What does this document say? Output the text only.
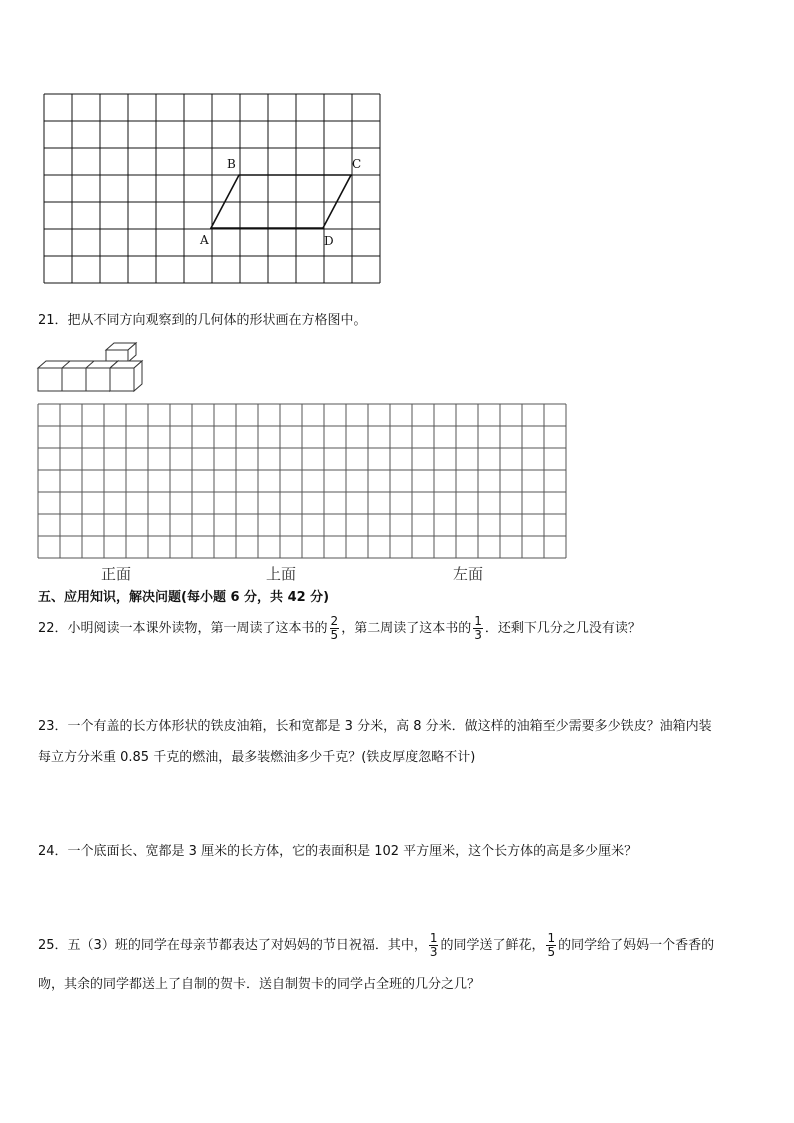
B	C
A	D
21．把从不同方向观察到的几何体的形状画在方格图中。
正面	上面	左面
五、应用知识，解决问题(每小题 6 分，共 42 分)
22．小明阅读一本课外读物，第一周读了这本书的 $\frac{2}{5}$ ，第二周读了这本书的 $\frac{1}{3}$ ．还剩下几分之几没有读？
23．一个有盖的长方体形状的铁皮油箱，长和宽都是 3 分米，高 8 分米．做这样的油箱至少需要多少铁皮？油箱内装
每立方分米重 0.85 千克的燃油，最多装燃油多少千克？(铁皮厚度忽略不计)
24．一个底面长、宽都是 3 厘米的长方体，它的表面积是 102 平方厘米，这个长方体的高是多少厘米？
25．五（3）班的同学在母亲节都表达了对妈妈的节日祝福．其中， $\frac{1}{3}$ 的同学送了鲜花， $\frac{1}{5}$ 的同学给了妈妈一个香香的
吻，其余的同学都送上了自制的贺卡．送自制贺卡的同学占全班的几分之几？
